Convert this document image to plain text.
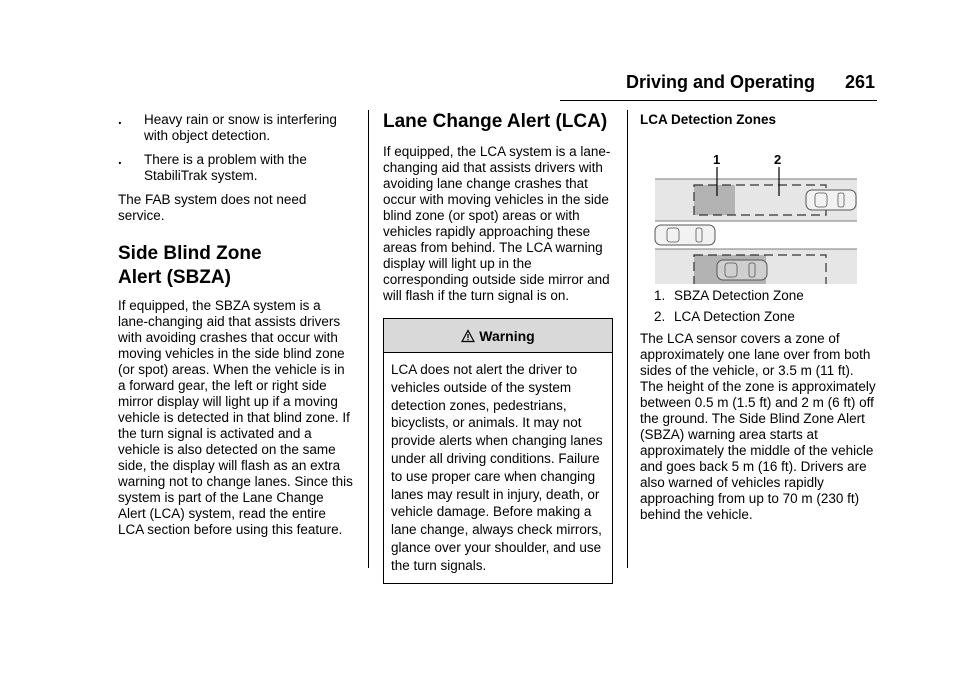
Driving and Operating 261
.	Heavy rain or snow is interfering with object detection.
.	There is a problem with the StabiliTrak system.

The FAB system does not need service.

Side Blind Zone
Alert (SBZA)

If equipped, the SBZA system is a lane-changing aid that assists drivers with avoiding crashes that occur with moving vehicles in the side blind zone (or spot) areas. When the vehicle is in a forward gear, the left or right side mirror display will light up if a moving vehicle is detected in that blind zone. If the turn signal is activated and a vehicle is also detected on the same side, the display will flash as an extra warning not to change lanes. Since this system is part of the Lane Change Alert (LCA) system, read the entire LCA section before using this feature.

Lane Change Alert (LCA)

If equipped, the LCA system is a lane-changing aid that assists drivers with avoiding lane change crashes that occur with moving vehicles in the side blind zone (or spot) areas or with vehicles rapidly approaching these areas from behind. The LCA warning display will light up in the corresponding outside side mirror and will flash if the turn signal is on.

Warning
LCA does not alert the driver to vehicles outside of the system detection zones, pedestrians, bicyclists, or animals. It may not provide alerts when changing lanes under all driving conditions. Failure to use proper care when changing lanes may result in injury, death, or vehicle damage. Before making a lane change, always check mirrors, glance over your shoulder, and use the turn signals.
LCA Detection Zones
1	2
1. SBZA Detection Zone
2. LCA Detection Zone

The LCA sensor covers a zone of approximately one lane over from both sides of the vehicle, or 3.5 m (11 ft). The height of the zone is approximately between 0.5 m (1.5 ft) and 2 m (6 ft) off the ground. The Side Blind Zone Alert (SBZA) warning area starts at approximately the middle of the vehicle and goes back 5 m (16 ft). Drivers are also warned of vehicles rapidly approaching from up to 70 m (230 ft) behind the vehicle.
